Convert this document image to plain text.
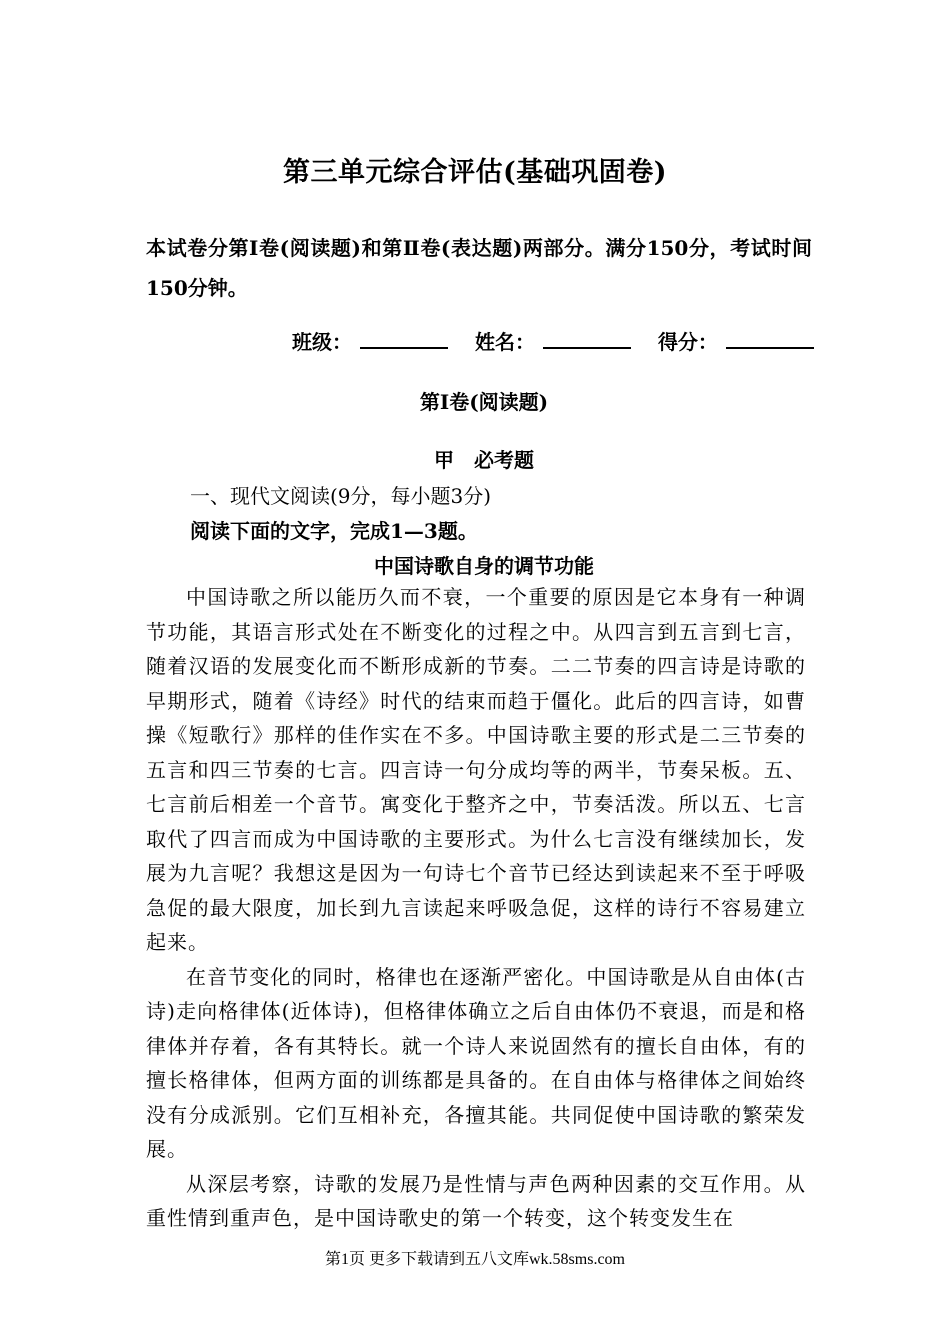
第三单元综合评估(基础巩固卷)
本试卷分第Ⅰ卷(阅读题)和第Ⅱ卷(表达题)两部分。满分150分，考试时间150分钟。
班级：	姓名：	得分：
第Ⅰ卷(阅读题)
甲　必考题
一、现代文阅读(9分，每小题3分)
阅读下面的文字，完成1—3题。
中国诗歌自身的调节功能

中国诗歌之所以能历久而不衰，一个重要的原因是它本身有一种调节功能，其语言形式处在不断变化的过程之中。从四言到五言到七言，随着汉语的发展变化而不断形成新的节奏。二二节奏的四言诗是诗歌的早期形式，随着《诗经》时代的结束而趋于僵化。此后的四言诗，如曹操《短歌行》那样的佳作实在不多。中国诗歌主要的形式是二三节奏的五言和四三节奏的七言。四言诗一句分成均等的两半，节奏呆板。五、七言前后相差一个音节。寓变化于整齐之中，节奏活泼。所以五、七言取代了四言而成为中国诗歌的主要形式。为什么七言没有继续加长，发展为九言呢？我想这是因为一句诗七个音节已经达到读起来不至于呼吸急促的最大限度，加长到九言读起来呼吸急促，这样的诗行不容易建立起来。

在音节变化的同时，格律也在逐渐严密化。中国诗歌是从自由体(古诗)走向格律体(近体诗)，但格律体确立之后自由体仍不衰退，而是和格律体并存着，各有其特长。就一个诗人来说固然有的擅长自由体，有的擅长格律体，但两方面的训练都是具备的。在自由体与格律体之间始终没有分成派别。它们互相补充，各擅其能。共同促使中国诗歌的繁荣发展。

从深层考察，诗歌的发展乃是性情与声色两种因素的交互作用。从重性情到重声色，是中国诗歌史的第一个转变，这个转变发生在

第1页 更多下载请到五八文库wk.58sms.com
